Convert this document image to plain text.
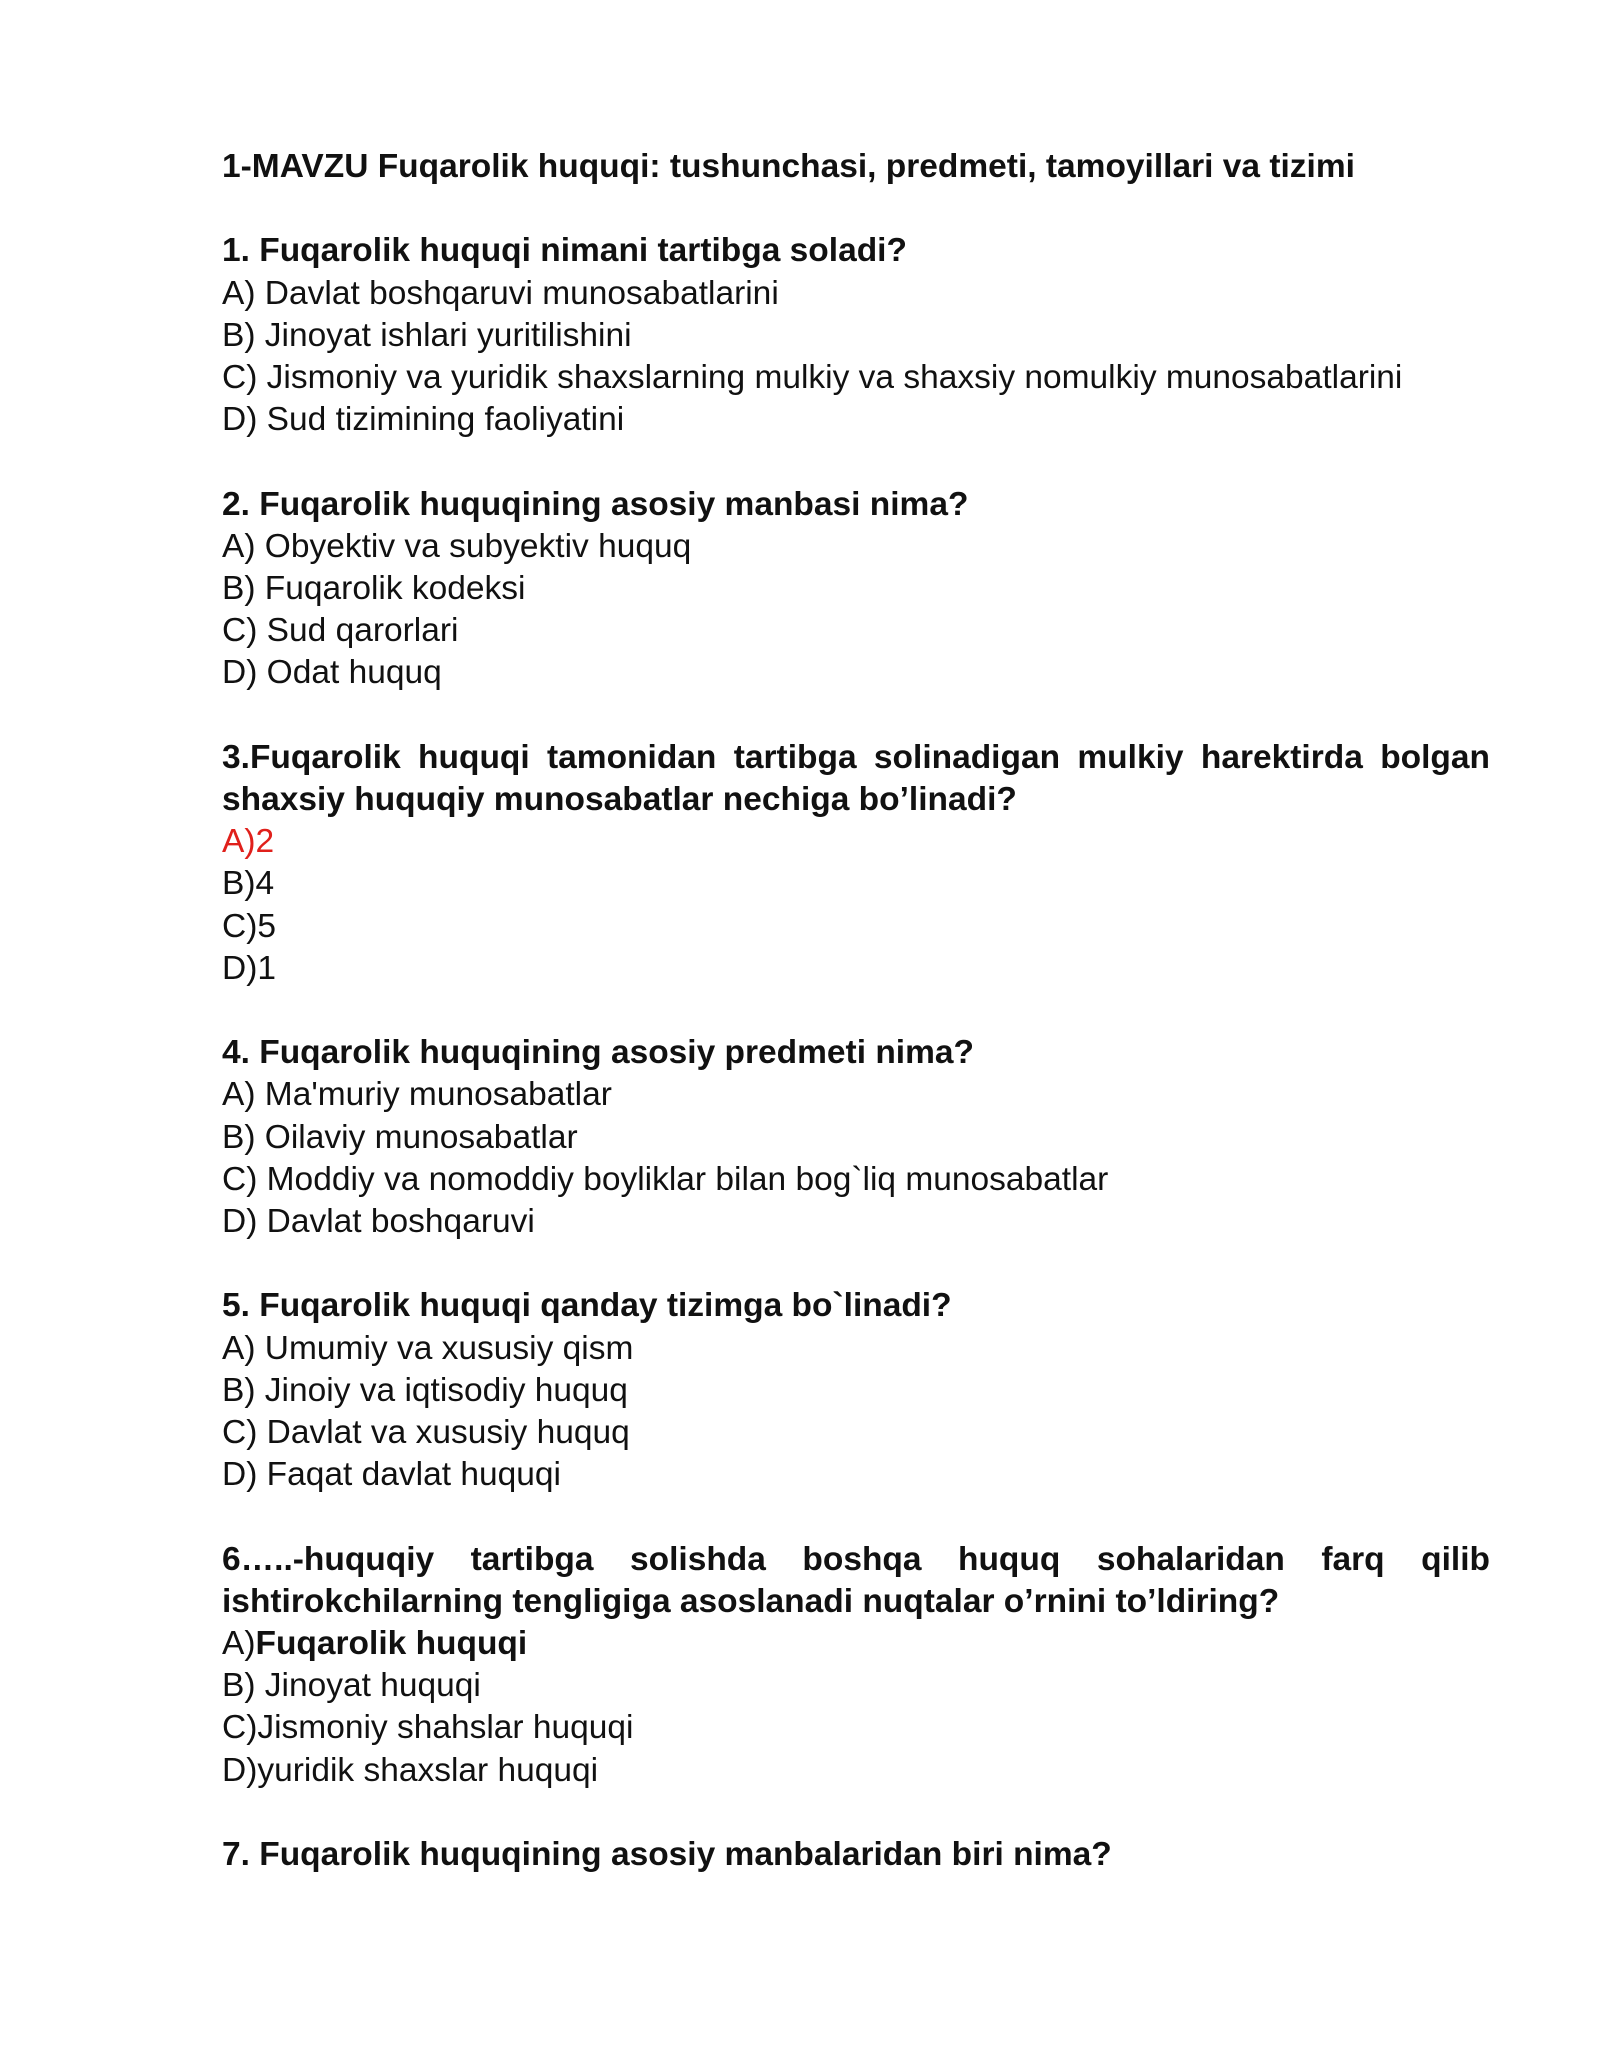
1-MAVZU Fuqarolik huquqi: tushunchasi, predmeti, tamoyillari va tizimi
1. Fuqarolik huquqi nimani tartibga soladi?
A) Davlat boshqaruvi munosabatlarini
B) Jinoyat ishlari yuritilishini
C) Jismoniy va yuridik shaxslarning mulkiy va shaxsiy nomulkiy munosabatlarini
D) Sud tizimining faoliyatini
2. Fuqarolik huquqining asosiy manbasi nima?
A) Obyektiv va subyektiv huquq
B) Fuqarolik kodeksi
C) Sud qarorlari
D) Odat huquq
3.Fuqarolik huquqi tamonidan tartibga solinadigan mulkiy harektirda bolgan shaxsiy huquqiy munosabatlar nechiga bo’linadi?
A)2
B)4
C)5
D)1
4. Fuqarolik huquqining asosiy predmeti nima?
A) Ma'muriy munosabatlar
B) Oilaviy munosabatlar
C) Moddiy va nomoddiy boyliklar bilan bog`liq munosabatlar
D) Davlat boshqaruvi
5. Fuqarolik huquqi qanday tizimga bo`linadi?
A) Umumiy va xususiy qism
B) Jinoiy va iqtisodiy huquq
C) Davlat va xususiy huquq
D) Faqat davlat huquqi
6…..-huquqiy tartibga solishda boshqa huquq sohalaridan farq qilib ishtirokchilarning tengligiga asoslanadi nuqtalar o’rnini to’ldiring?
A)Fuqarolik huquqi
B) Jinoyat huquqi
C)Jismoniy shahslar huquqi
D)yuridik shaxslar huquqi
7. Fuqarolik huquqining asosiy manbalaridan biri nima?
